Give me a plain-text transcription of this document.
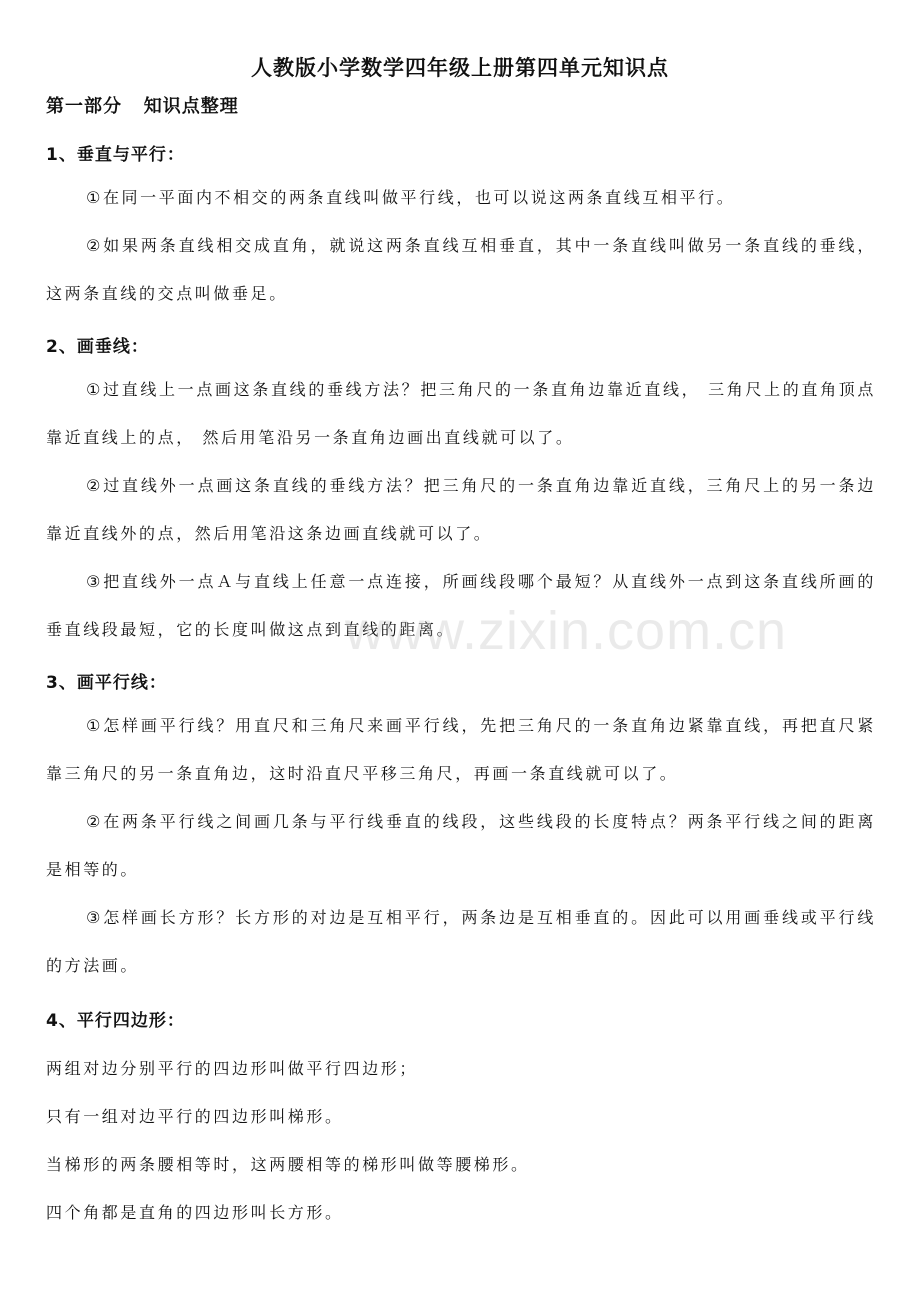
人教版小学数学四年级上册第四单元知识点
第一部分   知识点整理
1、垂直与平行：
①在同一平面内不相交的两条直线叫做平行线，也可以说这两条直线互相平行。
②如果两条直线相交成直角，就说这两条直线互相垂直，其中一条直线叫做另一条直线的垂线，这两条直线的交点叫做垂足。
2、画垂线：
①过直线上一点画这条直线的垂线方法？把三角尺的一条直角边靠近直线， 三角尺上的直角顶点靠近直线上的点， 然后用笔沿另一条直角边画出直线就可以了。
②过直线外一点画这条直线的垂线方法？把三角尺的一条直角边靠近直线，三角尺上的另一条边靠近直线外的点，然后用笔沿这条边画直线就可以了。
③把直线外一点Ａ与直线上任意一点连接，所画线段哪个最短？从直线外一点到这条直线所画的垂直线段最短，它的长度叫做这点到直线的距离。
3、画平行线：
①怎样画平行线？用直尺和三角尺来画平行线，先把三角尺的一条直角边紧靠直线，再把直尺紧靠三角尺的另一条直角边，这时沿直尺平移三角尺，再画一条直线就可以了。
②在两条平行线之间画几条与平行线垂直的线段，这些线段的长度特点？两条平行线之间的距离是相等的。
③怎样画长方形？长方形的对边是互相平行，两条边是互相垂直的。因此可以用画垂线或平行线的方法画。
4、平行四边形：
两组对边分别平行的四边形叫做平行四边形；
只有一组对边平行的四边形叫梯形。
当梯形的两条腰相等时，这两腰相等的梯形叫做等腰梯形。
四个角都是直角的四边形叫长方形。
www.zixin.com.cn
